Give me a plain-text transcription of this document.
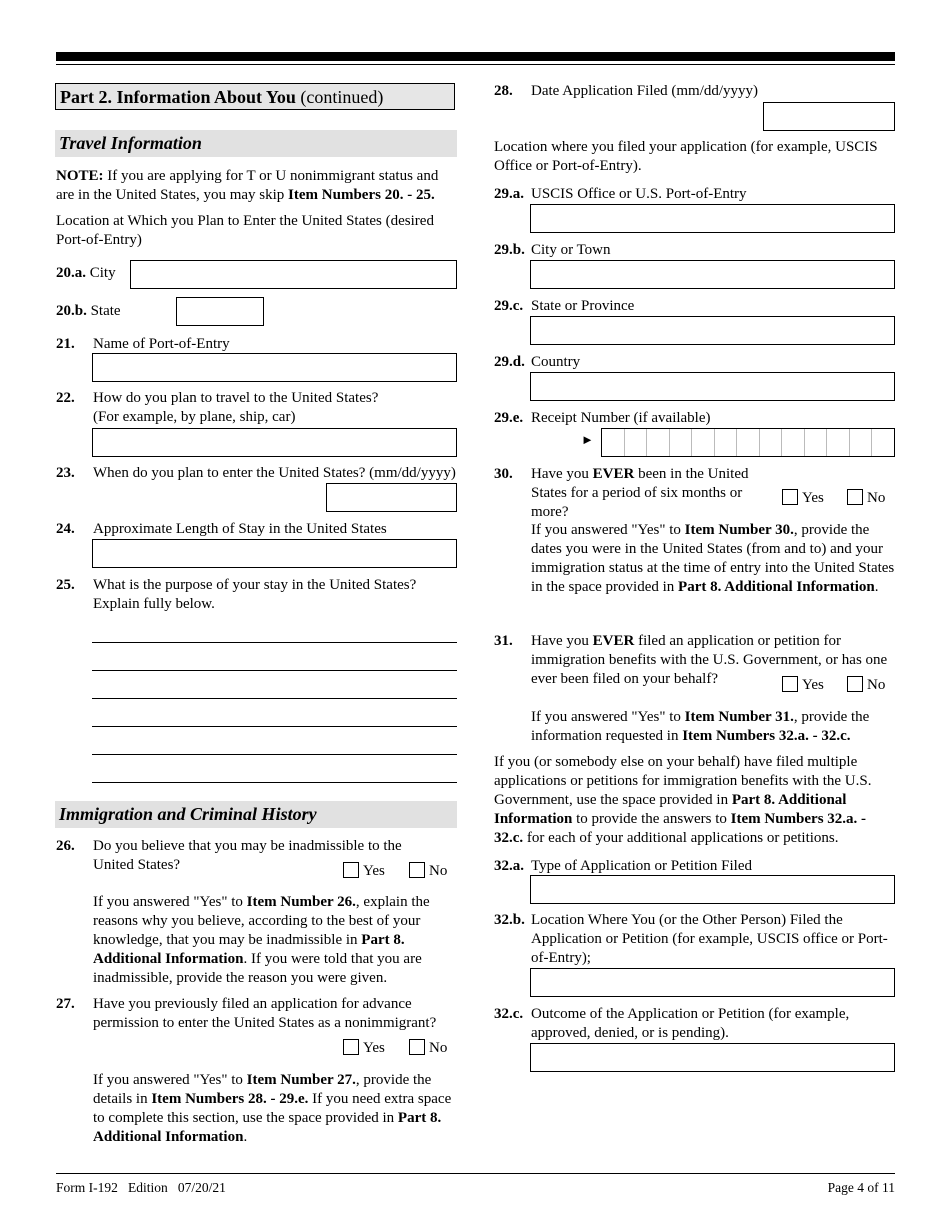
Part 2. Information About You (continued)
Travel Information
NOTE: If you are applying for T or U nonimmigrant status and are in the United States, you may skip Item Numbers 20. - 25.
Location at Which you Plan to Enter the United States (desired Port-of-Entry)
20.a. City
20.b. State
21. Name of Port-of-Entry
22. How do you plan to travel to the United States?
(For example, by plane, ship, car)
23. When do you plan to enter the United States? (mm/dd/yyyy)
24. Approximate Length of Stay in the United States
25. What is the purpose of your stay in the United States?
Explain fully below.
Immigration and Criminal History
26. Do you believe that you may be inadmissible to the
United States?	Yes	No
If you answered "Yes" to Item Number 26., explain the reasons why you believe, according to the best of your knowledge, that you may be inadmissible in Part 8. Additional Information. If you were told that you are inadmissible, provide the reason you were given.
27. Have you previously filed an application for advance permission to enter the United States as a nonimmigrant?
Yes	No
If you answered "Yes" to Item Number 27., provide the details in Item Numbers 28. - 29.e. If you need extra space to complete this section, use the space provided in Part 8. Additional Information.
28. Date Application Filed (mm/dd/yyyy)
Location where you filed your application (for example, USCIS Office or Port-of-Entry).
29.a. USCIS Office or U.S. Port-of-Entry
29.b. City or Town
29.c. State or Province
29.d. Country
29.e. Receipt Number (if available)
►
30. Have you EVER been in the United States for a period of six months or more?
Yes	No
If you answered "Yes" to Item Number 30., provide the dates you were in the United States (from and to) and your immigration status at the time of entry into the United States in the space provided in Part 8. Additional Information.
31. Have you EVER filed an application or petition for immigration benefits with the U.S. Government, or has one ever been filed on your behalf?	Yes	No
If you answered "Yes" to Item Number 31., provide the information requested in Item Numbers 32.a. - 32.c.
If you (or somebody else on your behalf) have filed multiple applications or petitions for immigration benefits with the U.S. Government, use the space provided in Part 8. Additional Information to provide the answers to Item Numbers 32.a. - 32.c. for each of your additional applications or petitions.
32.a. Type of Application or Petition Filed
32.b. Location Where You (or the Other Person) Filed the Application or Petition (for example, USCIS office or Port-of-Entry);
32.c. Outcome of the Application or Petition (for example, approved, denied, or is pending).
Form I-192   Edition   07/20/21	Page 4 of 11
